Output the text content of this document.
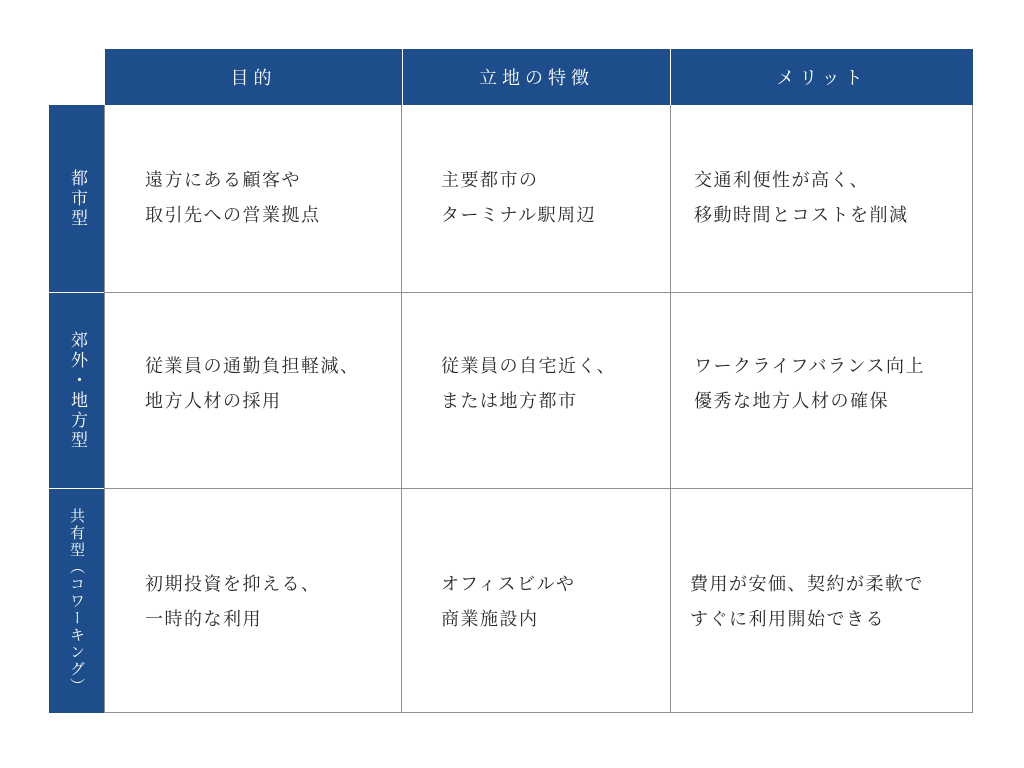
目的	立地の特徴	メリット
都市型
郊外・地方型
共有型（コワーキング）
遠方にある顧客や
取引先への営業拠点
主要都市の
ターミナル駅周辺
交通利便性が高く、
移動時間とコストを削減
従業員の通勤負担軽減、
地方人材の採用
従業員の自宅近く、
または地方都市
ワークライフバランス向上
優秀な地方人材の確保
初期投資を抑える、
一時的な利用
オフィスビルや
商業施設内
費用が安価、契約が柔軟で
すぐに利用開始できる
